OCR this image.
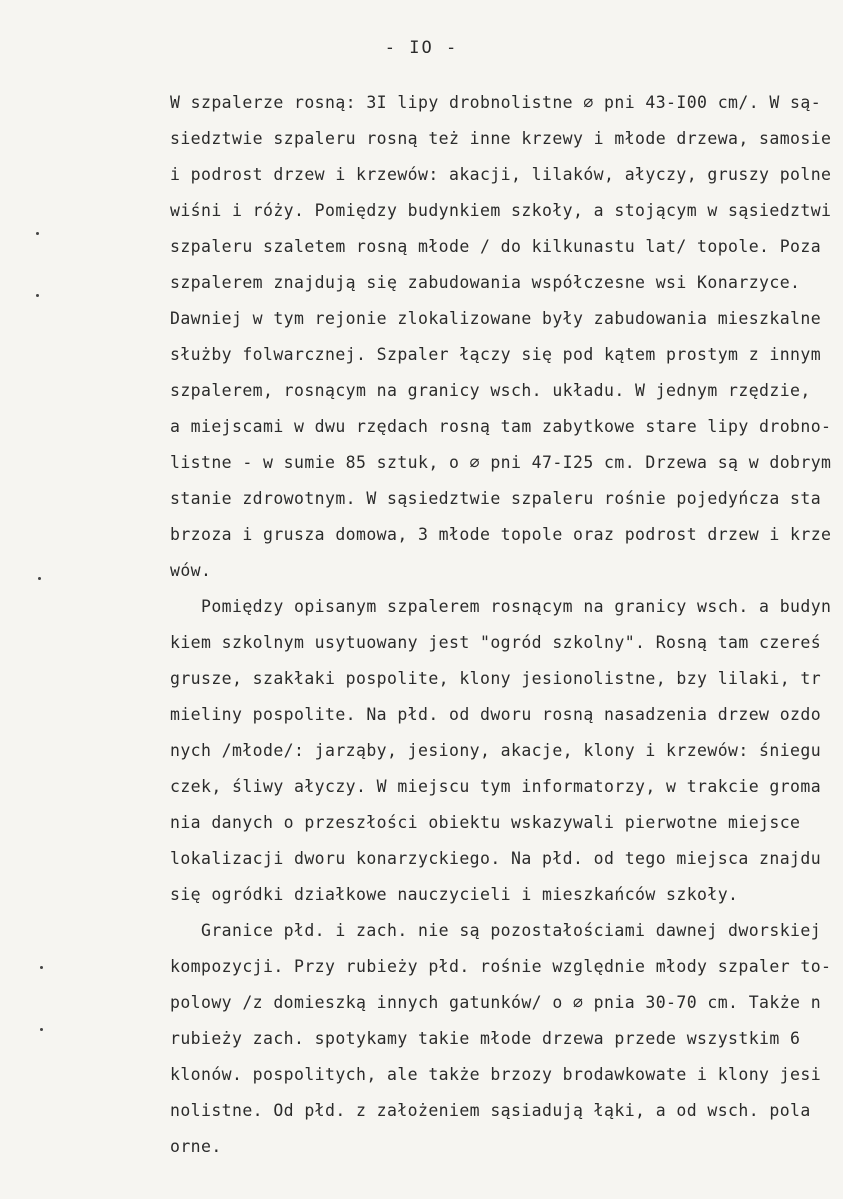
- IO -
W szpalerze rosną: 3I lipy drobnolistne ∅ pni 43-I00 cm/. W są-
siedztwie szpaleru rosną też inne krzewy i młode drzewa, samosie
i podrost drzew i krzewów: akacji, lilaków, ałyczy, gruszy polne
wiśni i róży. Pomiędzy budynkiem szkoły, a stojącym w sąsiedztwi
szpaleru szaletem rosną młode / do kilkunastu lat/ topole. Poza
szpalerem znajdują się zabudowania współczesne wsi Konarzyce.
Dawniej w tym rejonie zlokalizowane były zabudowania mieszkalne
służby folwarcznej. Szpaler łączy się pod kątem prostym z innym
szpalerem, rosnącym na granicy wsch. układu. W jednym rzędzie,
a miejscami w dwu rzędach rosną tam zabytkowe stare lipy drobno-
listne - w sumie 85 sztuk, o ∅ pni 47-I25 cm. Drzewa są w dobrym
stanie zdrowotnym. W sąsiedztwie szpaleru rośnie pojedyńcza sta
brzoza i grusza domowa, 3 młode topole oraz podrost drzew i krze
wów.
Pomiędzy opisanym szpalerem rosnącym na granicy wsch. a budyn
kiem szkolnym usytuowany jest "ogród szkolny". Rosną tam czereś
grusze, szakłaki pospolite, klony jesionolistne, bzy lilaki, tr
mieliny pospolite. Na płd. od dworu rosną nasadzenia drzew ozdo
nych /młode/: jarząby, jesiony, akacje, klony i krzewów: śniegu
czek, śliwy ałyczy. W miejscu tym informatorzy, w trakcie groma
nia danych o przeszłości obiektu wskazywali pierwotne miejsce
lokalizacji dworu konarzyckiego. Na płd. od tego miejsca znajdu
się ogródki działkowe nauczycieli i mieszkańców szkoły.
Granice płd. i zach. nie są pozostałościami dawnej dworskiej
kompozycji. Przy rubieży płd. rośnie względnie młody szpaler to-
polowy /z domieszką innych gatunków/ o ∅ pnia 30-70 cm. Także n
rubieży zach. spotykamy takie młode drzewa przede wszystkim 6
klonów. pospolitych, ale także brzozy brodawkowate i klony jesi
nolistne. Od płd. z założeniem sąsiadują łąki, a od wsch. pola
orne.
